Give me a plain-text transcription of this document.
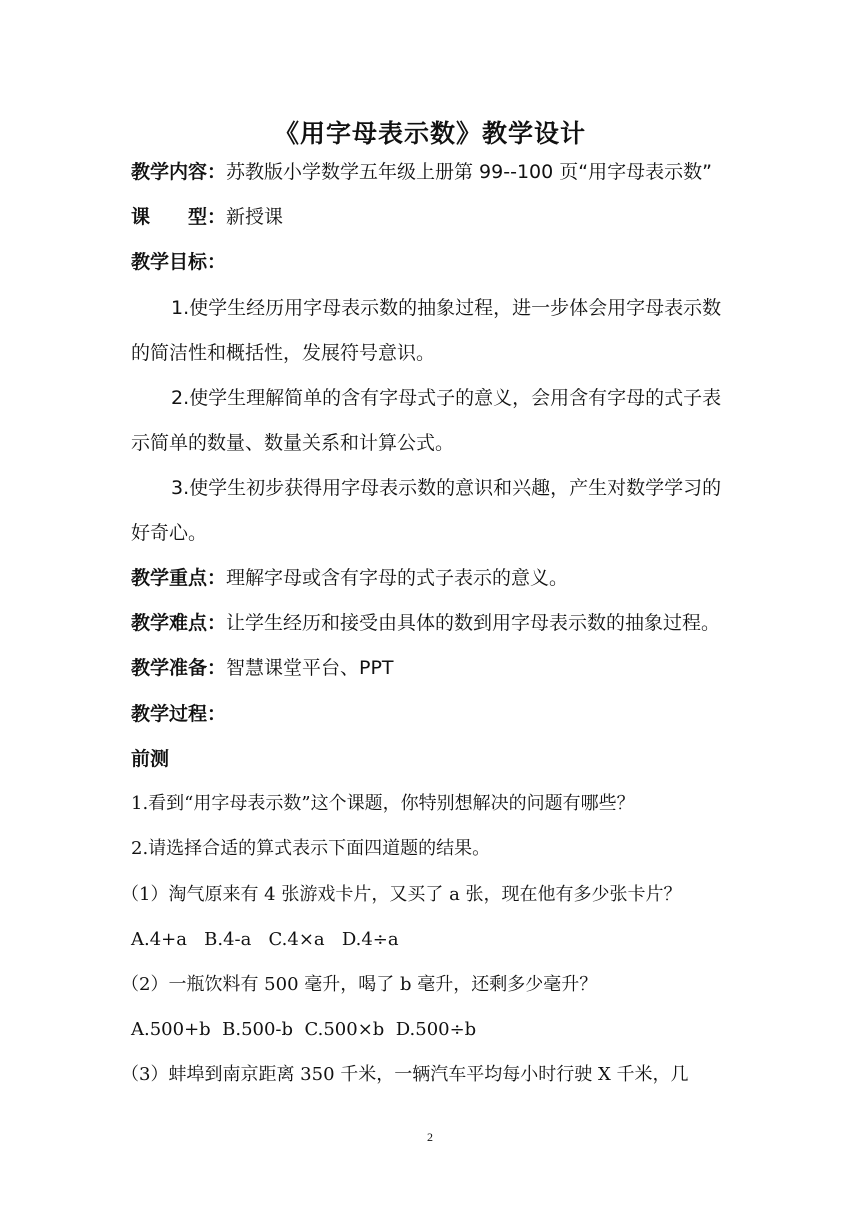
《用字母表示数》教学设计
教学内容：苏教版小学数学五年级上册第 99--100 页“用字母表示数”
课 型：新授课
教学目标：
1.使学生经历用字母表示数的抽象过程，进一步体会用字母表示数
的简洁性和概括性，发展符号意识。
2.使学生理解简单的含有字母式子的意义，会用含有字母的式子表
示简单的数量、数量关系和计算公式。
3.使学生初步获得用字母表示数的意识和兴趣，产生对数学学习的
好奇心。
教学重点：理解字母或含有字母的式子表示的意义。
教学难点：让学生经历和接受由具体的数到用字母表示数的抽象过程。
教学准备：智慧课堂平台、PPT
教学过程：
前测
1.看到“用字母表示数”这个课题，你特别想解决的问题有哪些？
2.请选择合适的算式表示下面四道题的结果。
（1）淘气原来有 4 张游戏卡片，又买了 a 张，现在他有多少张卡片？
A.4+a   B.4-a   C.4×a   D.4÷a
（2）一瓶饮料有 500 毫升，喝了 b 毫升，还剩多少毫升？
A.500+b  B.500-b  C.500×b  D.500÷b
（3）蚌埠到南京距离 350 千米，一辆汽车平均每小时行驶 X 千米，几
2
